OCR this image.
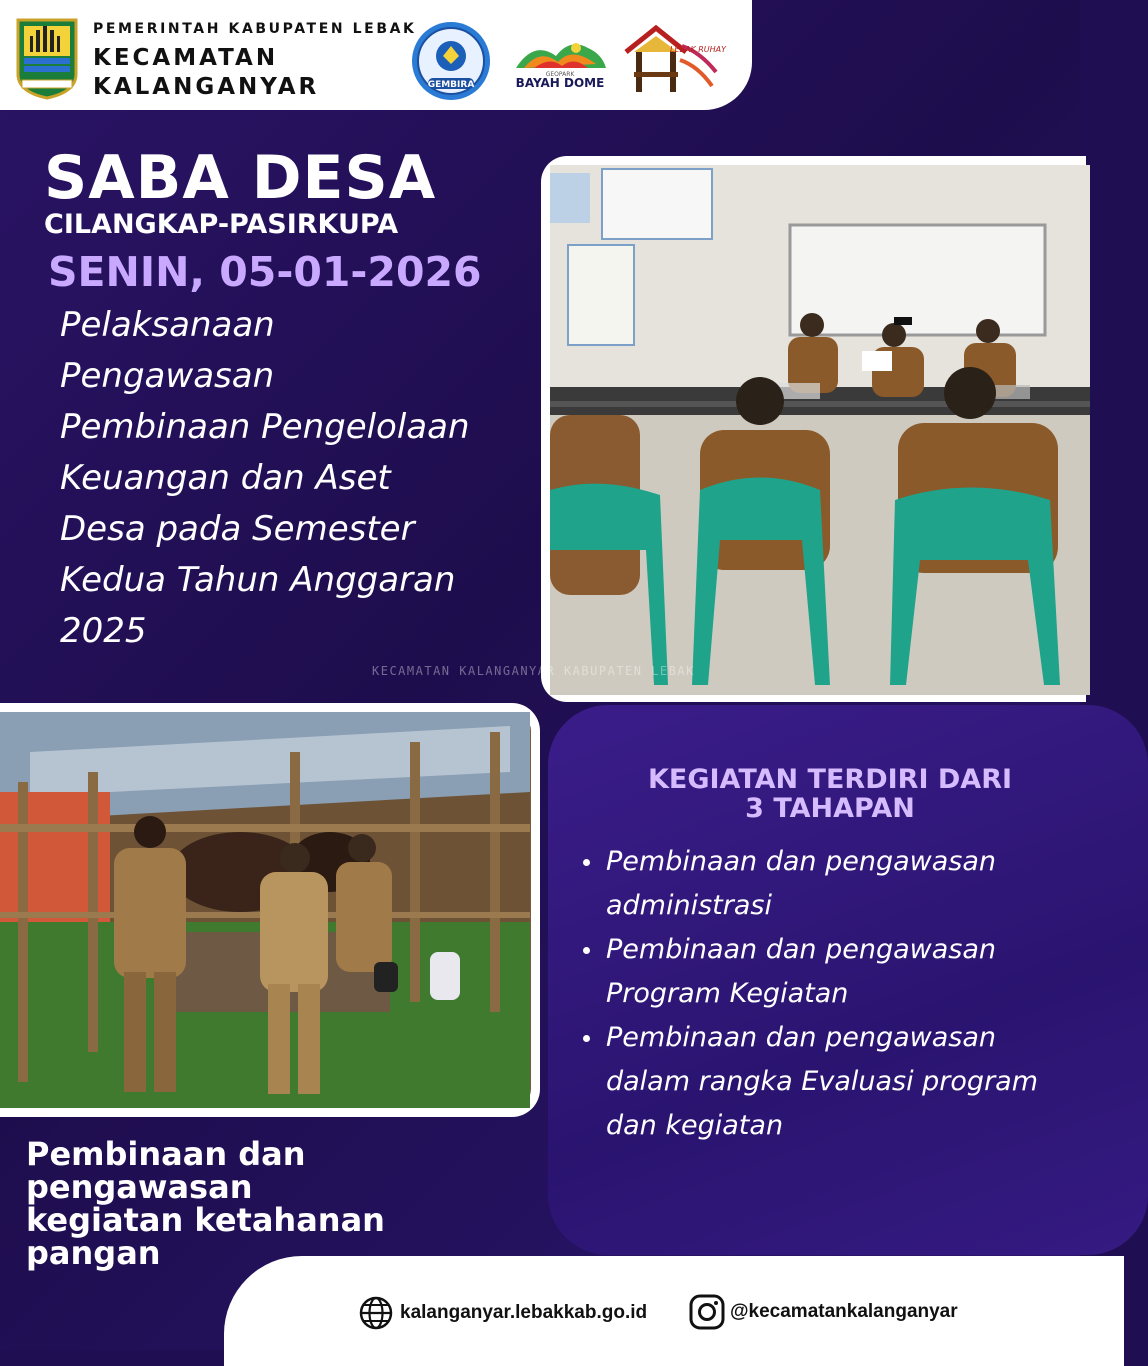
PEMERINTAH KABUPATEN LEBAK
KECAMATAN
KALANGANYAR	GEMBIRA
GEOPARK
BAYAH DOME
LEBAK RUHAY
SABA DESA
CILANGKAP-PASIRKUPA
SENIN, 05-01-2026
Pelaksanaan
Pengawasan
Pembinaan Pengelolaan
Keuangan dan Aset
Desa pada Semester
Kedua Tahun Anggaran
2025
KECAMATAN KALANGANYAR KABUPATEN LEBAK
Pembinaan dan
pengawasan
kegiatan ketahanan
pangan
KEGIATAN TERDIRI DARI
3 TAHAPAN
Pembinaan dan pengawasan
administrasi
Pembinaan dan pengawasan
Program Kegiatan
Pembinaan dan pengawasan
dalam rangka Evaluasi program
dan kegiatan
kalanganyar.lebakkab.go.id	@kecamatankalanganyar
